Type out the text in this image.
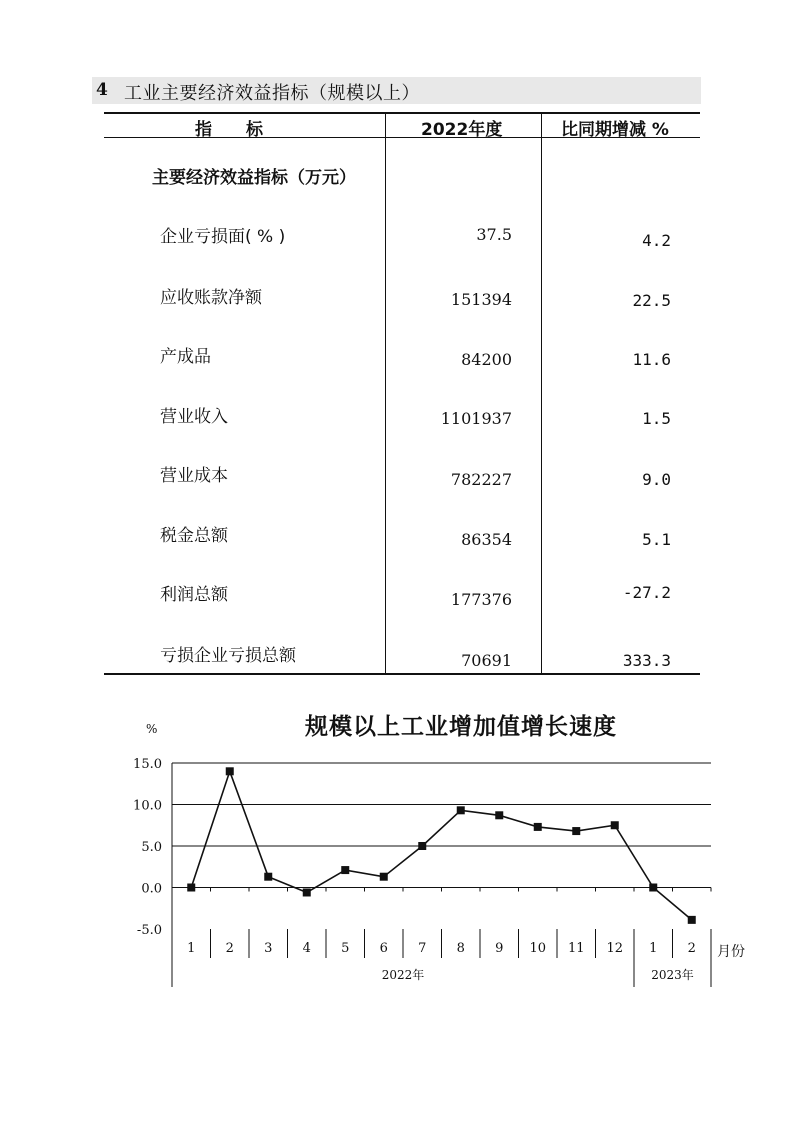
4 工业主要经济效益指标（规模以上）
指　　标	2022年度	比同期增减 %
主要经济效益指标（万元）
企业亏损面( % )	37.5	4.2
应收账款净额	151394	22.5
产成品	84200	11.6
营业收入	1101937	1.5
营业成本	782227	9.0
税金总额	86354	5.1
利润总额	177376	-27.2
亏损企业亏损总额	70691	333.3
规模以上工业增加值增长速度
%
15.0
10.0
5.0
0.0
-5.0
2022年	2023年
1 2 3 4 5 6 7 8 9 10 11 12 1 2 月份
